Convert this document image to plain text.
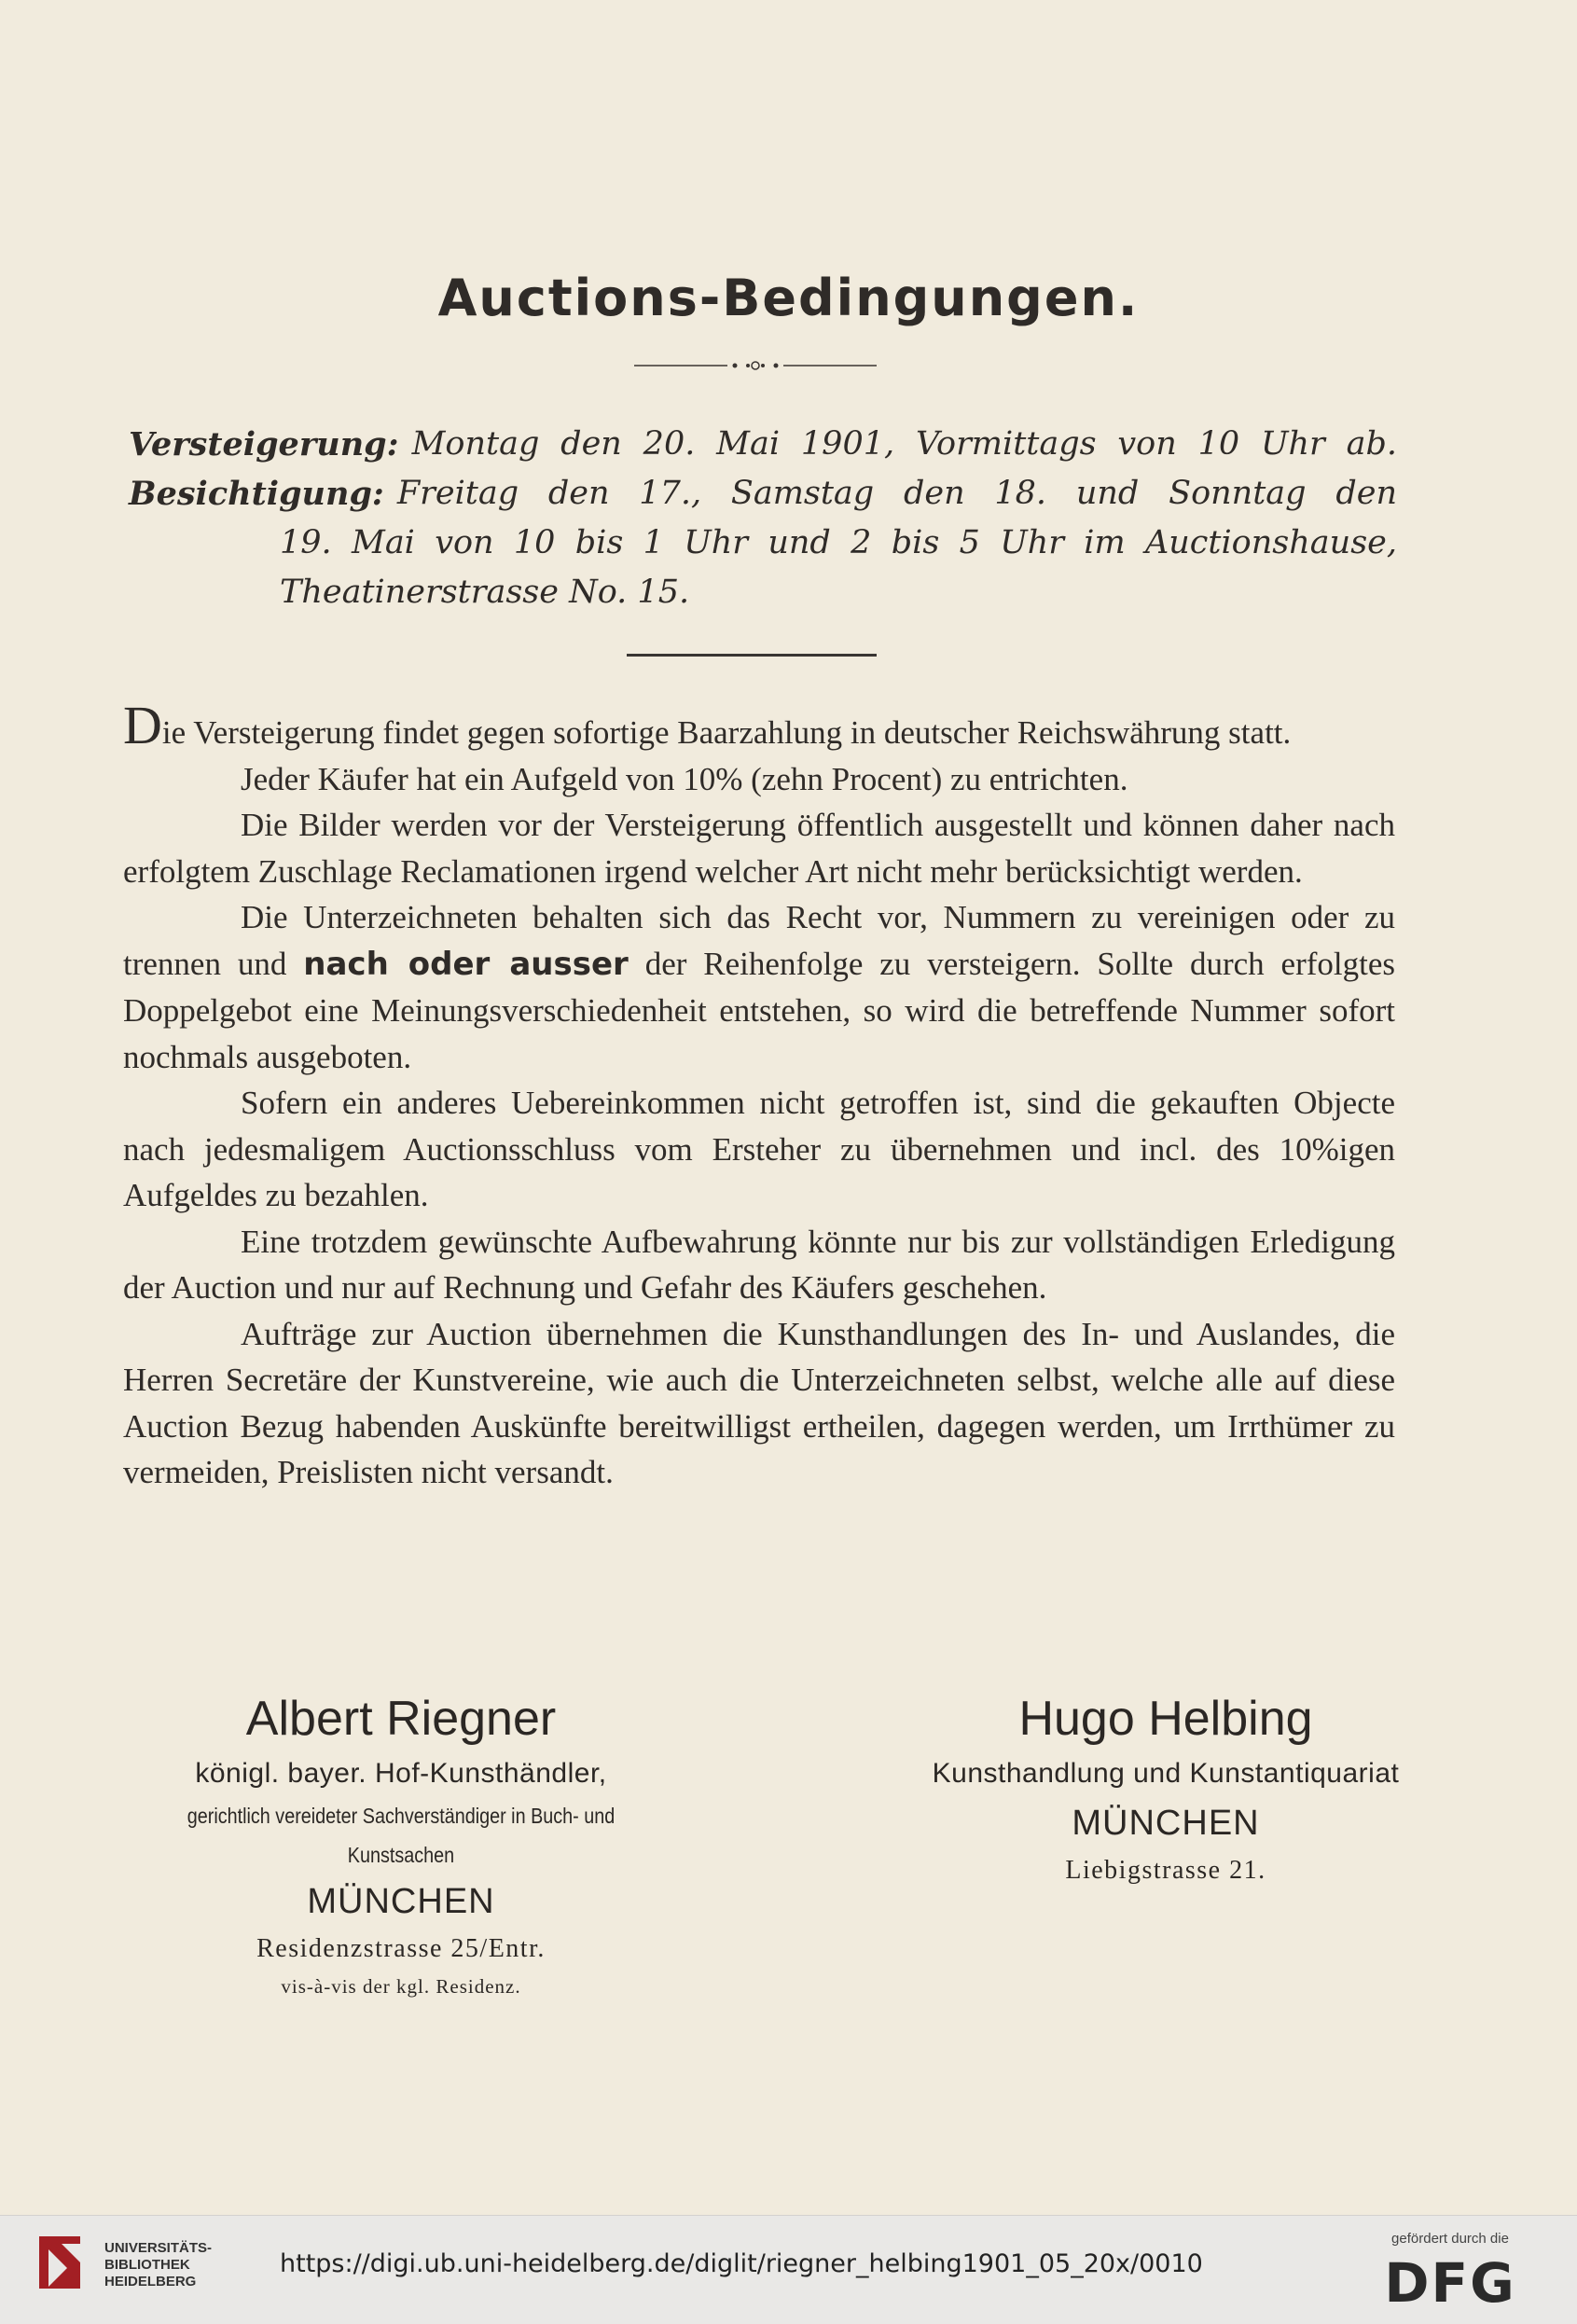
Auctions-Bedingungen.
Versteigerung: Montag den 20. Mai 1901, Vormittags von 10 Uhr ab.
Besichtigung: Freitag den 17., Samstag den 18. und Sonntag den
19. Mai von 10 bis 1 Uhr und 2 bis 5 Uhr im Auctionshause,
Theatinerstrasse No. 15.

Die Versteigerung findet gegen sofortige Baarzahlung in deutscher Reichswährung statt.

Jeder Käufer hat ein Aufgeld von 10% (zehn Procent) zu entrichten.

Die Bilder werden vor der Versteigerung öffentlich ausgestellt und können daher nach erfolgtem Zuschlage Reclamationen irgend welcher Art nicht mehr berücksichtigt werden.

Die Unterzeichneten behalten sich das Recht vor, Nummern zu vereinigen oder zu trennen und nach oder ausser der Reihenfolge zu versteigern. Sollte durch erfolgtes Doppelgebot eine Meinungsverschiedenheit entstehen, so wird die betreffende Nummer sofort nochmals ausgeboten.

Sofern ein anderes Uebereinkommen nicht getroffen ist, sind die gekauften Objecte nach jedesmaligem Auctionsschluss vom Ersteher zu übernehmen und incl. des 10%igen Aufgeldes zu bezahlen.

Eine trotzdem gewünschte Aufbewahrung könnte nur bis zur vollständigen Erledigung der Auction und nur auf Rechnung und Gefahr des Käufers geschehen.

Aufträge zur Auction übernehmen die Kunsthandlungen des In- und Auslandes, die Herren Secretäre der Kunstvereine, wie auch die Unterzeichneten selbst, welche alle auf diese Auction Bezug habenden Auskünfte bereitwilligst ertheilen, dagegen werden, um Irrthümer zu vermeiden, Preislisten nicht versandt.

Albert Riegner
königl. bayer. Hof-Kunsthändler,
gerichtlich vereideter Sachverständiger in Buch- und Kunstsachen
MÜNCHEN
Residenzstrasse 25/Entr.
vis-à-vis der kgl. Residenz.
Hugo Helbing
Kunsthandlung und Kunstantiquariat
MÜNCHEN
Liebigstrasse 21.
UNIVERSITÄTS-
BIBLIOTHEK
HEIDELBERG
https://digi.ub.uni-heidelberg.de/diglit/riegner_helbing1901_05_20x/0010
gefördert durch die
DFG
